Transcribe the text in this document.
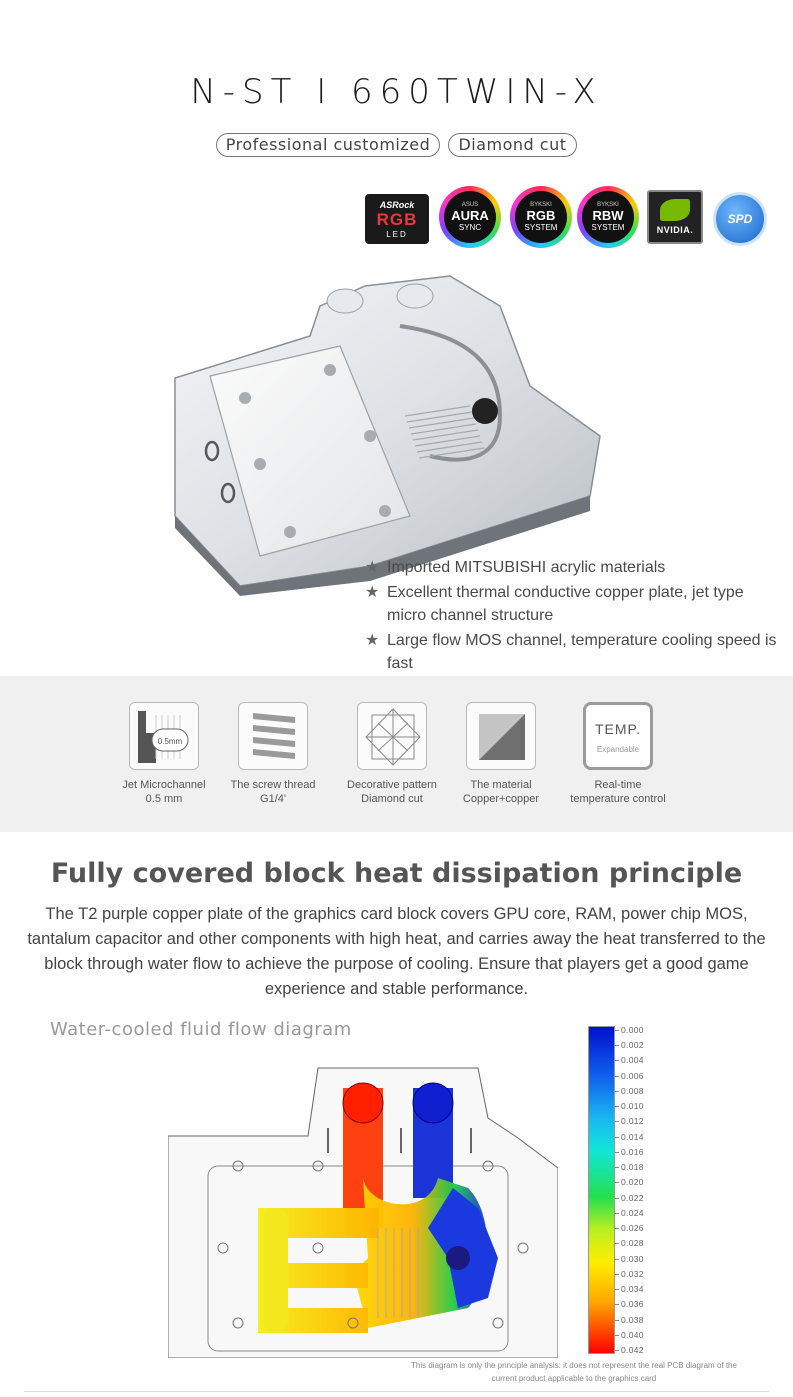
N-ST I 660TWIN-X
Professional customized	Diamond cut
ASRock
RGB
LED
ASUS
AURA
SYNC
BYKSKI
RGB
SYSTEM
BYKSKI
RBW
SYSTEM	NVIDIA.
SPD
★ Imported MITSUBISHI acrylic materials
★ Excellent thermal conductive copper plate, jet type micro channel structure
★ Large flow MOS channel, temperature cooling speed is fast
0.5mm
Jet Microchannel
0.5 mm
The screw thread
G1/4'
Decorative pattern
Diamond cut
The material
Copper+copper
TEMP.
Expandable
Real-time
temperature control
Fully covered block heat dissipation principle
The T2 purple copper plate of the graphics card block covers GPU core, RAM, power chip MOS, tantalum capacitor and other components with high heat, and carries away the heat transferred to the block through water flow to achieve the purpose of cooling. Ensure that players get a good game experience and stable performance.
Water-cooled fluid flow diagram	0.000
0.002
0.004
0.006
0.008
0.010
0.012
0.014
0.016
0.018
0.020
0.022
0.024
0.026
0.028
0.030
0.032
0.034
0.036
0.038
0.040
0.042
This diagram is only the principle analysis: it does not represent the real PCB diagram of the current product applicable to the graphics card
